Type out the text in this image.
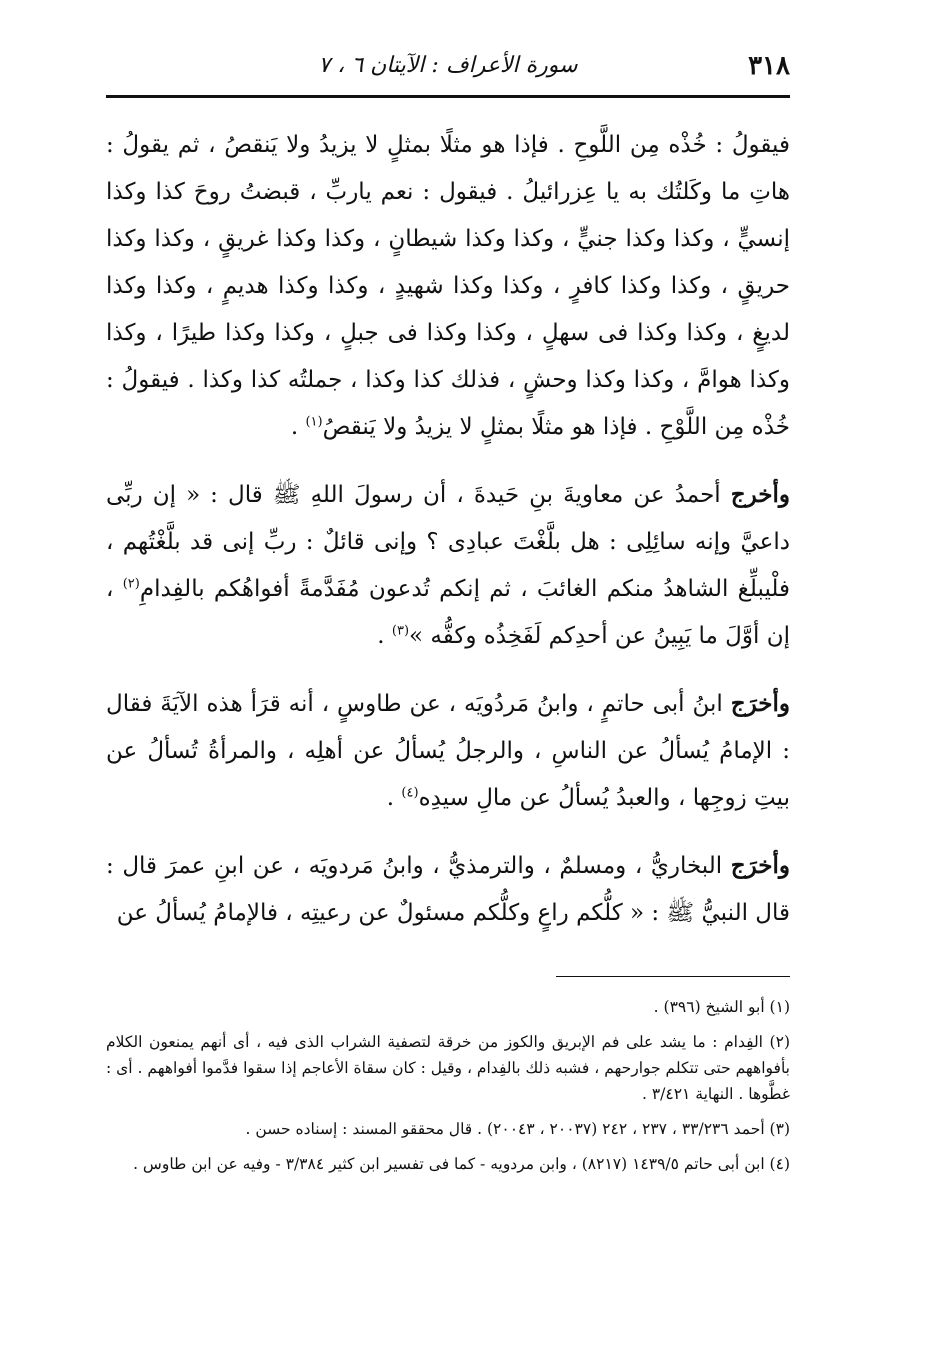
٣١٨
سورة الأعراف : الآيتان ٦ ، ٧

فيقولُ : خُذْه مِن اللَّوحِ . فإذا هو مثلًا بمثلٍ لا يزيدُ ولا يَنقصُ ، ثم يقولُ : هاتِ ما وكَلتُك به يا عِزرائيلُ . فيقول : نعم ياربِّ ، قبضتُ روحَ كذا وكذا إنسيٍّ ، وكذا وكذا جنيٍّ ، وكذا وكذا شيطانٍ ، وكذا وكذا غريقٍ ، وكذا وكذا حريقٍ ، وكذا وكذا كافرٍ ، وكذا وكذا شهيدٍ ، وكذا وكذا هديمٍ ، وكذا وكذا لديغٍ ، وكذا وكذا فى سهلٍ ، وكذا وكذا فى جبلٍ ، وكذا وكذا طيرًا ، وكذا وكذا هوامَّ ، وكذا وكذا وحشٍ ، فذلك كذا وكذا ، جملتُه كذا وكذا . فيقولُ : خُذْه مِن اللَّوْحِ . فإذا هو مثلًا بمثلٍ لا يزيدُ ولا يَنقصُ$^{(١)}$ .

وأخرج أحمدُ عن معاويةَ بنِ حَيدةَ ، أن رسولَ اللهِ ﷺ قال : « إن ربِّى داعيَّ وإنه سائِلِى : هل بلَّغْتَ عبادِى ؟ وإنى قائلٌ : ربِّ إنى قد بلَّغْتُهم ، فلْيبلِّغ الشاهدُ منكم الغائبَ ، ثم إنكم تُدعون مُفَدَّمةً أفواهُكم بالفِدامِ$^{(٢)}$ ، إن أوَّلَ ما يَبِينُ عن أحدِكم لَفَخِذُه وكفُّه »$^{(٣)}$ .

وأخرَج ابنُ أبى حاتمٍ ، وابنُ مَردُويَه ، عن طاوسٍ ، أنه قرَأ هذه الآيَةَ فقال : الإمامُ يُسألُ عن الناسِ ، والرجلُ يُسألُ عن أهلِه ، والمرأةُ تُسألُ عن بيتِ زوجِها ، والعبدُ يُسألُ عن مالِ سيدِه$^{(٤)}$ .

وأخرَج البخاريُّ ، ومسلمٌ ، والترمذيُّ ، وابنُ مَردويَه ، عن ابنِ عمرَ قال : قال النبيُّ ﷺ : « كلُّكم راعٍ وكلُّكم مسئولٌ عن رعيتِه ، فالإمامُ يُسألُ عن

(١) أبو الشيخ (٣٩٦) .

(٢) الفِدام : ما يشد على فم الإبريق والكوز من خرقة لتصفية الشراب الذى فيه ، أى أنهم يمنعون الكلام بأفواههم حتى تتكلم جوارحهم ، فشبه ذلك بالفِدام ، وقيل : كان سقاة الأعاجم إذا سقوا فدَّموا أفواههم . أى : غطَّوها . النهاية ٣/٤٢١ .

(٣) أحمد ٣٣/٢٣٦ ، ٢٣٧ ، ٢٤٢ (٢٠٠٣٧ ، ٢٠٠٤٣) . قال محققو المسند : إسناده حسن .

(٤) ابن أبى حاتم ١٤٣٩/٥ (٨٢١٧) ، وابن مردويه - كما فى تفسير ابن كثير ٣/٣٨٤ - وفيه عن ابن طاوس .
